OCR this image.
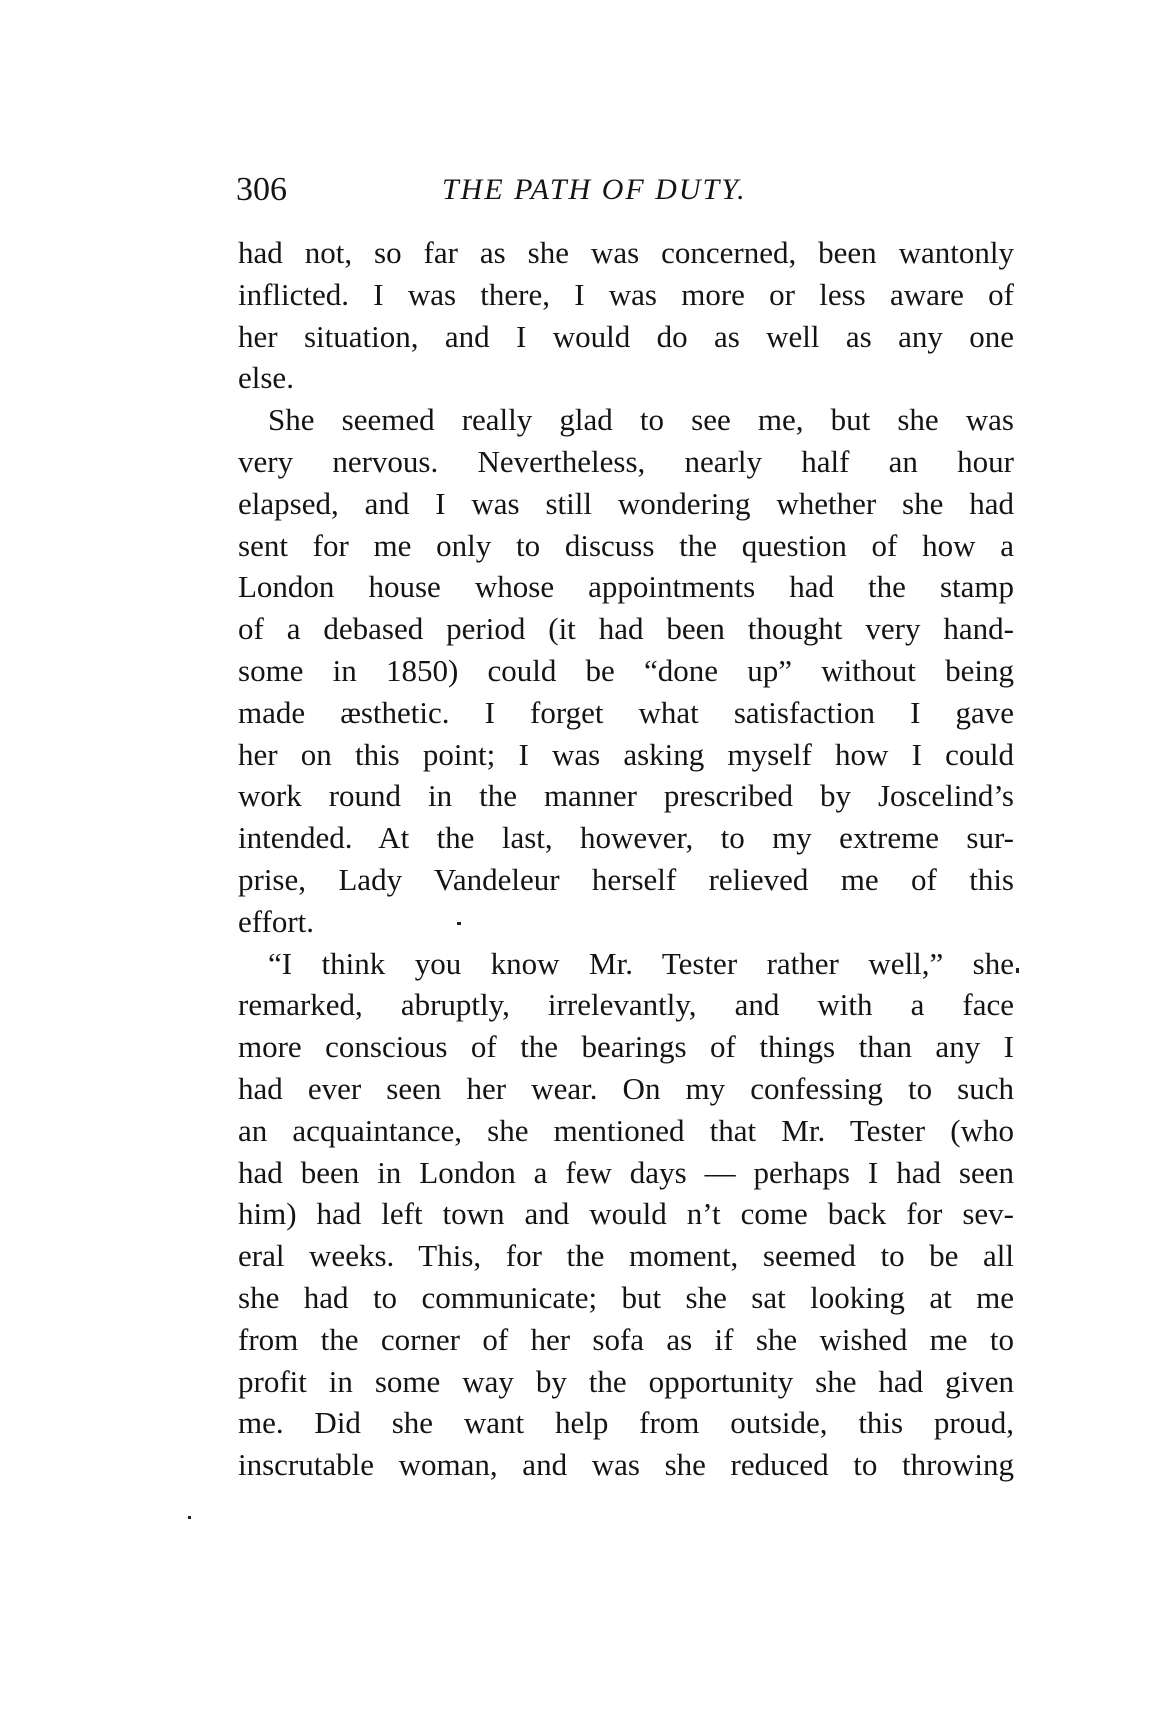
306	THE PATH OF DUTY.
had not, so far as she was concerned, been wantonly
inflicted. I was there, I was more or less aware of
her situation, and I would do as well as any one
else.
She seemed really glad to see me, but she was
very nervous. Nevertheless, nearly half an hour
elapsed, and I was still wondering whether she had
sent for me only to discuss the question of how a
London house whose appointments had the stamp
of a debased period (it had been thought very hand-
some in 1850) could be “done up” without being
made æsthetic. I forget what satisfaction I gave
her on this point; I was asking myself how I could
work round in the manner prescribed by Joscelind’s
intended. At the last, however, to my extreme sur-
prise, Lady Vandeleur herself relieved me of this
effort.
“I think you know Mr. Tester rather well,” she
remarked, abruptly, irrelevantly, and with a face
more conscious of the bearings of things than any I
had ever seen her wear. On my confessing to such
an acquaintance, she mentioned that Mr. Tester (who
had been in London a few days — perhaps I had seen
him) had left town and would n’t come back for sev-
eral weeks. This, for the moment, seemed to be all
she had to communicate; but she sat looking at me
from the corner of her sofa as if she wished me to
profit in some way by the opportunity she had given
me. Did she want help from outside, this proud,
inscrutable woman, and was she reduced to throwing
